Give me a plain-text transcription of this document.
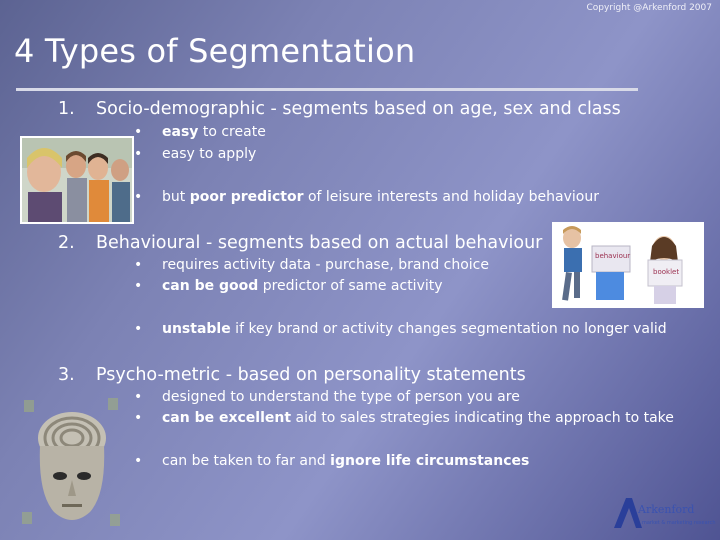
Copyright @Arkenford 2007
4 Types of Segmentation
1. Socio-demographic - segments based on age, sex and class
• easy to create
• easy to apply
• but poor predictor of leisure interests and holiday behaviour
2. Behavioural - segments based on actual behaviour
• requires activity data - purchase, brand choice
• can be good predictor of same activity
• unstable if key brand or activity changes segmentation no longer valid
behaviour
booklet
3. Psycho-metric - based on personality statements
• designed to understand the type of person you are
• can be excellent aid to sales strategies indicating the approach to take
• can be taken to far and ignore life circumstances
Arkenford
market & marketing research
